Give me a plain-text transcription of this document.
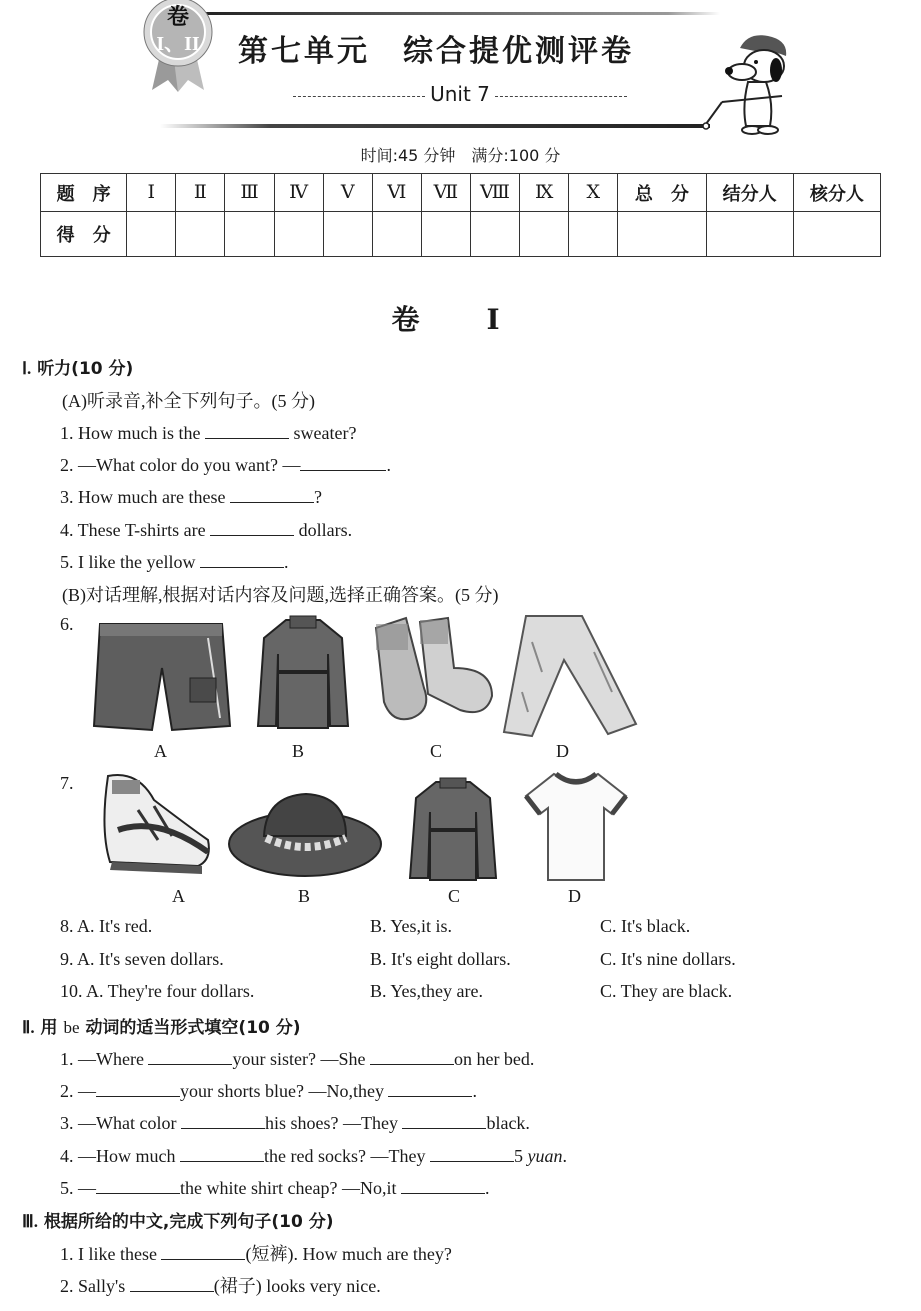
卷
I、II 第七单元　综合提优测评卷
Unit 7
时间:45 分钟　满分:100 分
题　序	Ⅰ	Ⅱ	Ⅲ	Ⅳ	Ⅴ	Ⅵ	Ⅶ	Ⅷ	Ⅸ	Ⅹ	总　分	结分人	核分人
得　分													
卷 Ⅰ
Ⅰ. 听力(10 分)
(A)听录音,补全下列句子。(5 分)
1. How much is the	sweater?
2. —What color do you want? —	.
3. How much are these	?
4. These T-shirts are	dollars.
5. I like the yellow	.
(B)对话理解,根据对话内容及问题,选择正确答案。(5 分)
6.
A	B	C	D
7.
A	B	C	D
8. A. It's red.	B. Yes,it is.	C. It's black.
9. A. It's seven dollars.	B. It's eight dollars.	C. It's nine dollars.
10. A. They're four dollars.	B. Yes,they are.	C. They are black.
Ⅱ. 用 be 动词的适当形式填空(10 分)
1. —Where	your sister? —She	on her bed.
2. —	your shorts blue? —No,they	.
3. —What color	his shoes? —They	black.
4. —How much	the red socks? —They	5 yuan.
5. —	the white shirt cheap? —No,it	.
Ⅲ. 根据所给的中文,完成下列句子(10 分)
1. I like these	(短裤). How much are they?
2. Sally's	(裙子) looks very nice.
